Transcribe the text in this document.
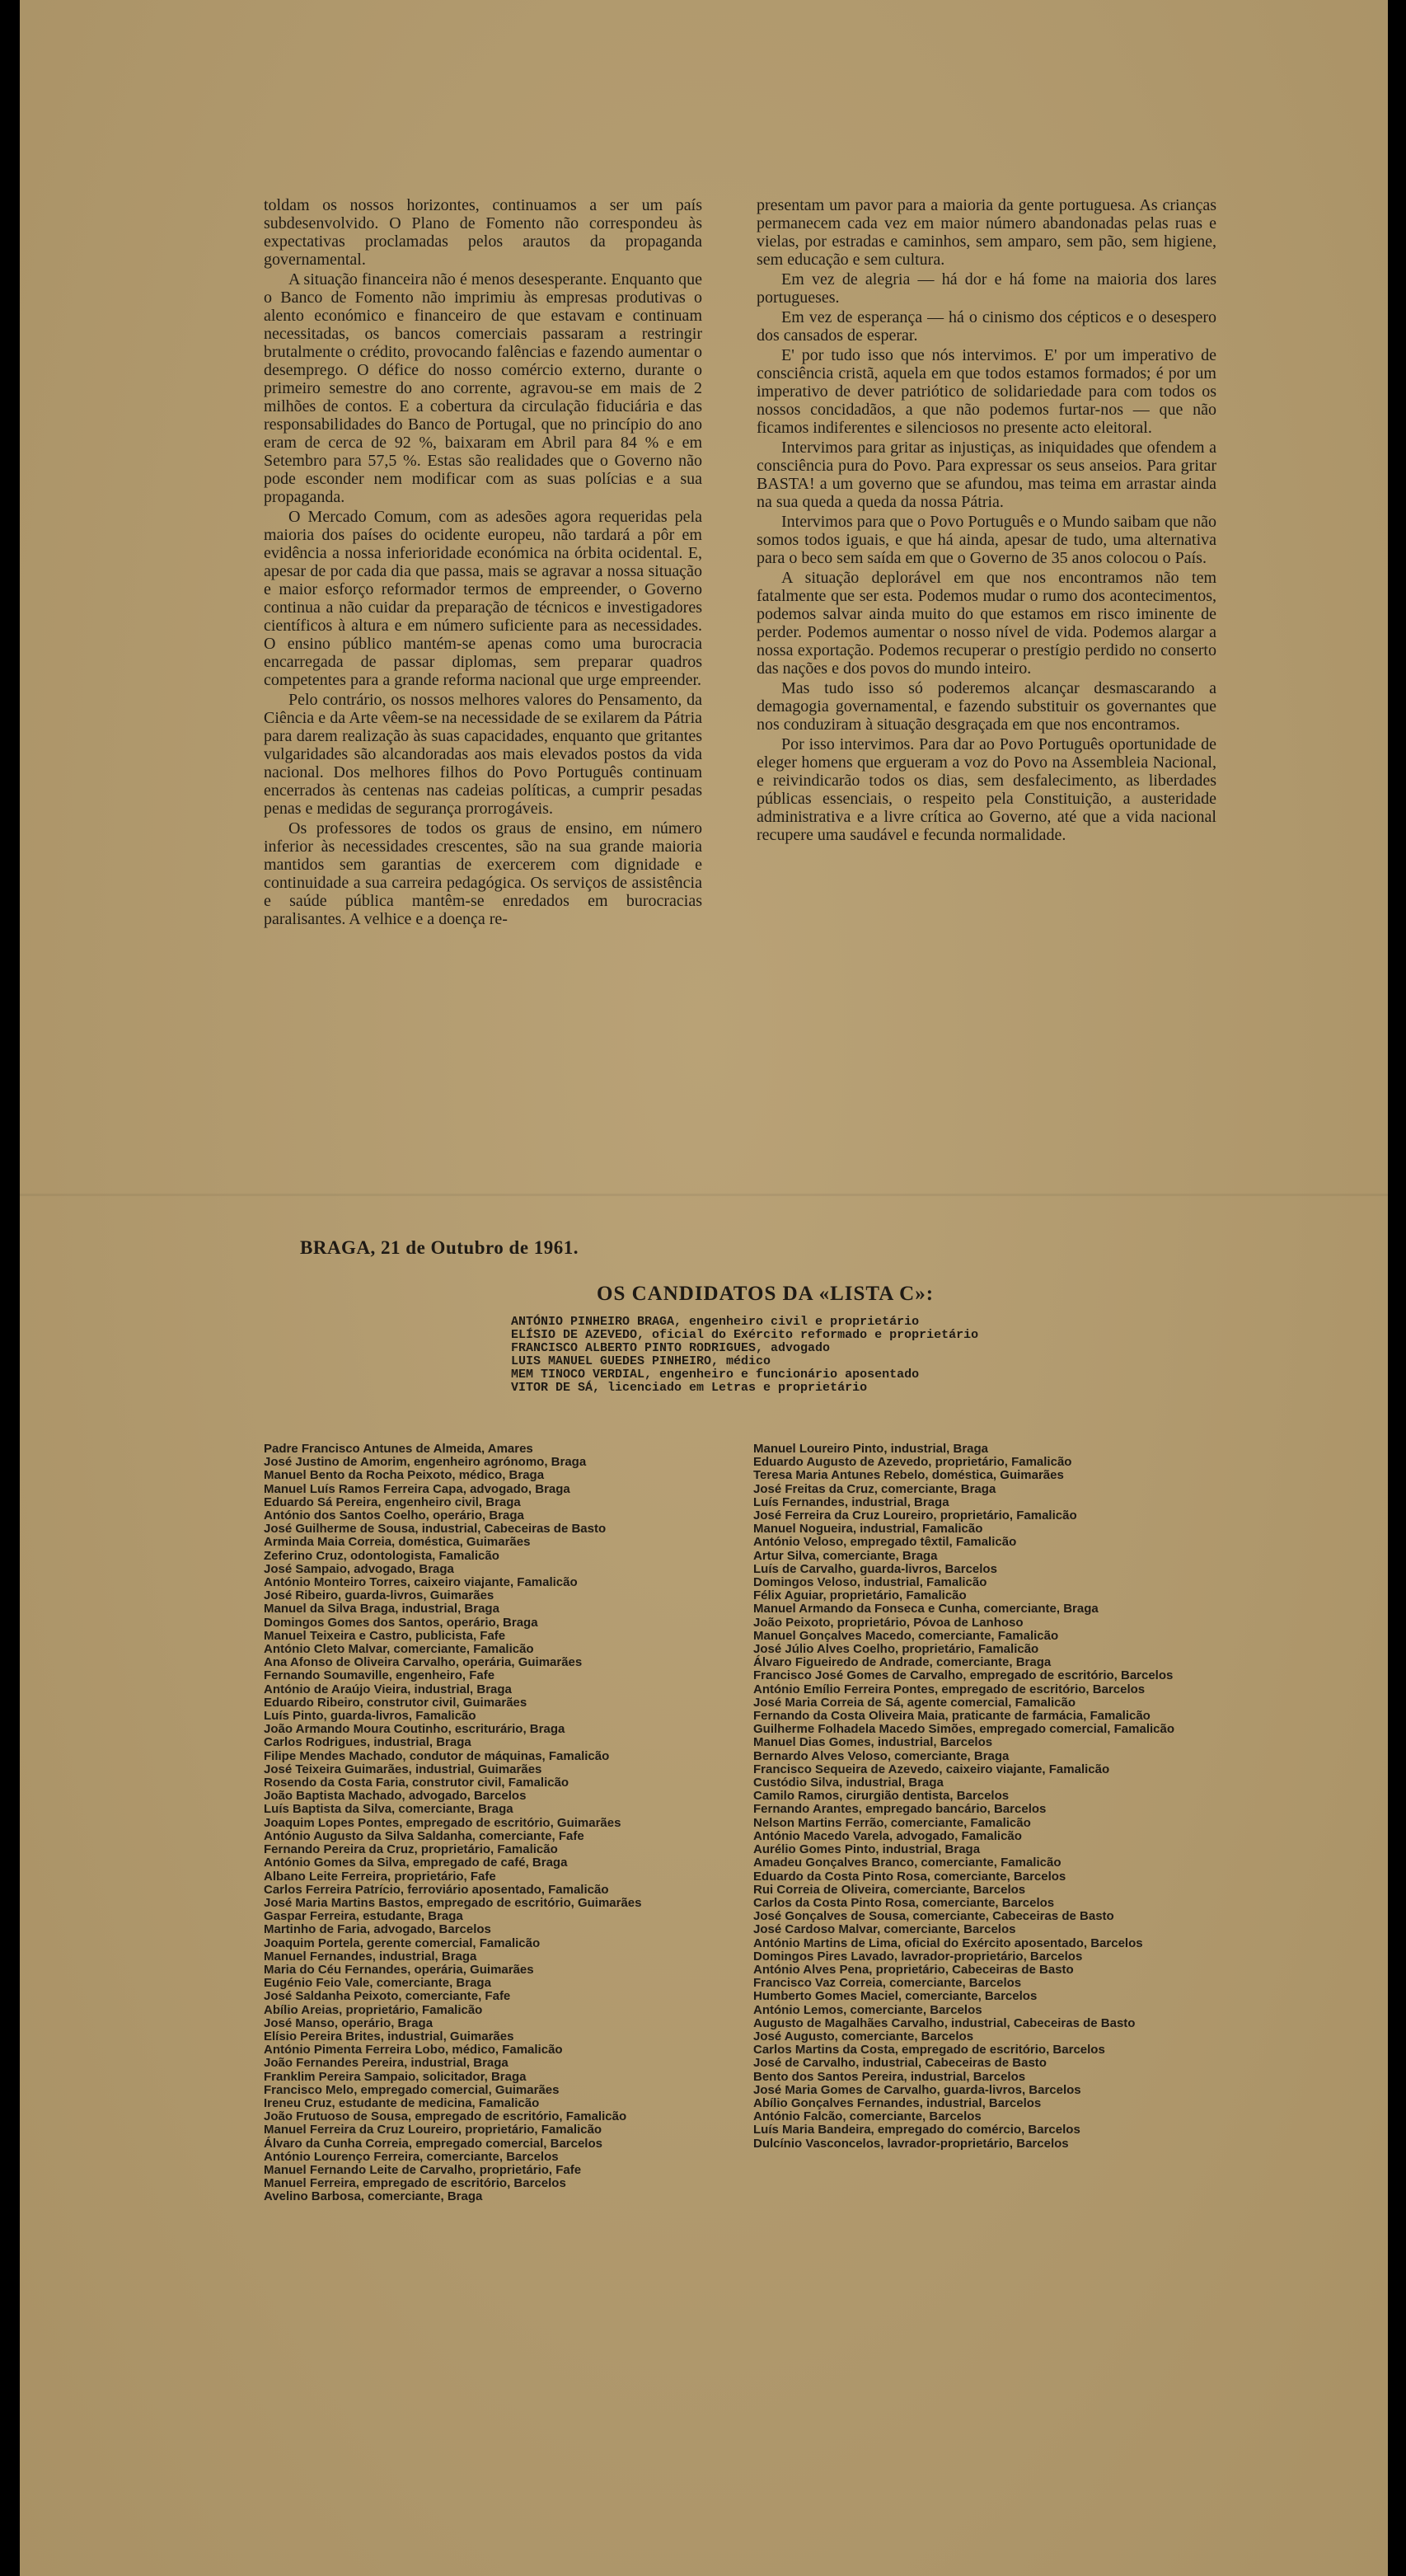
toldam os nossos horizontes, continuamos a ser um país subdesenvolvido. O Plano de Fomento não correspondeu às expectativas proclamadas pelos arautos da propaganda governamental.

A situação financeira não é menos desesperante. Enquanto que o Banco de Fomento não imprimiu às empresas produtivas o alento económico e financeiro de que estavam e continuam necessitadas, os bancos comerciais passaram a restringir brutalmente o crédito, provocando falências e fazendo aumentar o desemprego. O défice do nosso comércio externo, durante o primeiro semestre do ano corrente, agravou-se em mais de 2 milhões de contos. E a cobertura da circulação fiduciária e das responsabilidades do Banco de Portugal, que no princípio do ano eram de cerca de 92 %, baixaram em Abril para 84 % e em Setembro para 57,5 %. Estas são realidades que o Governo não pode esconder nem modificar com as suas polícias e a sua propaganda.

O Mercado Comum, com as adesões agora requeridas pela maioria dos países do ocidente europeu, não tardará a pôr em evidência a nossa inferioridade económica na órbita ocidental. E, apesar de por cada dia que passa, mais se agravar a nossa situação e maior esforço reformador termos de empreender, o Governo continua a não cuidar da preparação de técnicos e investigadores científicos à altura e em número suficiente para as necessidades. O ensino público mantém-se apenas como uma burocracia encarregada de passar diplomas, sem preparar quadros competentes para a grande reforma nacional que urge empreender.

Pelo contrário, os nossos melhores valores do Pensamento, da Ciência e da Arte vêem-se na necessidade de se exilarem da Pátria para darem realização às suas capacidades, enquanto que gritantes vulgaridades são alcandoradas aos mais elevados postos da vida nacional. Dos melhores filhos do Povo Português continuam encerrados às centenas nas cadeias políticas, a cumprir pesadas penas e medidas de segurança prorrogáveis.

Os professores de todos os graus de ensino, em número inferior às necessidades crescentes, são na sua grande maioria mantidos sem garantias de exercerem com dignidade e continuidade a sua carreira pedagógica. Os serviços de assistência e saúde pública mantêm-se enredados em burocracias paralisantes. A velhice e a doença re-

presentam um pavor para a maioria da gente portuguesa. As crianças permanecem cada vez em maior número abandonadas pelas ruas e vielas, por estradas e caminhos, sem amparo, sem pão, sem higiene, sem educação e sem cultura.

Em vez de alegria — há dor e há fome na maioria dos lares portugueses.

Em vez de esperança — há o cinismo dos cépticos e o desespero dos cansados de esperar.

E' por tudo isso que nós intervimos. E' por um imperativo de consciência cristã, aquela em que todos estamos formados; é por um imperativo de dever patriótico de solidariedade para com todos os nossos concidadãos, a que não podemos furtar-nos — que não ficamos indiferentes e silenciosos no presente acto eleitoral.

Intervimos para gritar as injustiças, as iniquidades que ofendem a consciência pura do Povo. Para expressar os seus anseios. Para gritar BASTA! a um governo que se afundou, mas teima em arrastar ainda na sua queda a queda da nossa Pátria.

Intervimos para que o Povo Português e o Mundo saibam que não somos todos iguais, e que há ainda, apesar de tudo, uma alternativa para o beco sem saída em que o Governo de 35 anos colocou o País.

A situação deplorável em que nos encontramos não tem fatalmente que ser esta. Podemos mudar o rumo dos acontecimentos, podemos salvar ainda muito do que estamos em risco iminente de perder. Podemos aumentar o nosso nível de vida. Podemos alargar a nossa exportação. Podemos recuperar o prestígio perdido no conserto das nações e dos povos do mundo inteiro.

Mas tudo isso só poderemos alcançar desmascarando a demagogia governamental, e fazendo substituir os governantes que nos conduziram à situação desgraçada em que nos encontramos.

Por isso intervimos. Para dar ao Povo Português oportunidade de eleger homens que ergueram a voz do Povo na Assembleia Nacional, e reivindicarão todos os dias, sem desfalecimento, as liberdades públicas essenciais, o respeito pela Constituição, a austeridade administrativa e a livre crítica ao Governo, até que a vida nacional recupere uma saudável e fecunda normalidade.

BRAGA, 21 de Outubro de 1961.
OS CANDIDATOS DA «LISTA C»:
ANTÓNIO PINHEIRO BRAGA, engenheiro civil e proprietário
ELÍSIO DE AZEVEDO, oficial do Exército reformado e proprietário
FRANCISCO ALBERTO PINTO RODRIGUES, advogado
LUIS MANUEL GUEDES PINHEIRO, médico
MEM TINOCO VERDIAL, engenheiro e funcionário aposentado
VITOR DE SÁ, licenciado em Letras e proprietário
Padre Francisco Antunes de Almeida, Amares
José Justino de Amorim, engenheiro agrónomo, Braga
Manuel Bento da Rocha Peixoto, médico, Braga
Manuel Luís Ramos Ferreira Capa, advogado, Braga
Eduardo Sá Pereira, engenheiro civil, Braga
António dos Santos Coelho, operário, Braga
José Guilherme de Sousa, industrial, Cabeceiras de Basto
Arminda Maia Correia, doméstica, Guimarães
Zeferino Cruz, odontologista, Famalicão
José Sampaio, advogado, Braga
António Monteiro Torres, caixeiro viajante, Famalicão
José Ribeiro, guarda-livros, Guimarães
Manuel da Silva Braga, industrial, Braga
Domingos Gomes dos Santos, operário, Braga
Manuel Teixeira e Castro, publicista, Fafe
António Cleto Malvar, comerciante, Famalicão
Ana Afonso de Oliveira Carvalho, operária, Guimarães
Fernando Soumaville, engenheiro, Fafe
António de Araújo Vieira, industrial, Braga
Eduardo Ribeiro, construtor civil, Guimarães
Luís Pinto, guarda-livros, Famalicão
João Armando Moura Coutinho, escriturário, Braga
Carlos Rodrigues, industrial, Braga
Filipe Mendes Machado, condutor de máquinas, Famalicão
José Teixeira Guimarães, industrial, Guimarães
Rosendo da Costa Faria, construtor civil, Famalicão
João Baptista Machado, advogado, Barcelos
Luís Baptista da Silva, comerciante, Braga
Joaquim Lopes Pontes, empregado de escritório, Guimarães
António Augusto da Silva Saldanha, comerciante, Fafe
Fernando Pereira da Cruz, proprietário, Famalicão
António Gomes da Silva, empregado de café, Braga
Albano Leite Ferreira, proprietário, Fafe
Carlos Ferreira Patrício, ferroviário aposentado, Famalicão
José Maria Martins Bastos, empregado de escritório, Guimarães
Gaspar Ferreira, estudante, Braga
Martinho de Faria, advogado, Barcelos
Joaquim Portela, gerente comercial, Famalicão
Manuel Fernandes, industrial, Braga
Maria do Céu Fernandes, operária, Guimarães
Eugénio Feio Vale, comerciante, Braga
José Saldanha Peixoto, comerciante, Fafe
Abílio Areias, proprietário, Famalicão
José Manso, operário, Braga
Elísio Pereira Brites, industrial, Guimarães
António Pimenta Ferreira Lobo, médico, Famalicão
João Fernandes Pereira, industrial, Braga
Franklim Pereira Sampaio, solicitador, Braga
Francisco Melo, empregado comercial, Guimarães
Ireneu Cruz, estudante de medicina, Famalicão
João Frutuoso de Sousa, empregado de escritório, Famalicão
Manuel Ferreira da Cruz Loureiro, proprietário, Famalicão
Álvaro da Cunha Correia, empregado comercial, Barcelos
António Lourenço Ferreira, comerciante, Barcelos
Manuel Fernando Leite de Carvalho, proprietário, Fafe
Manuel Ferreira, empregado de escritório, Barcelos
Avelino Barbosa, comerciante, Braga
Manuel Loureiro Pinto, industrial, Braga
Eduardo Augusto de Azevedo, proprietário, Famalicão
Teresa Maria Antunes Rebelo, doméstica, Guimarães
José Freitas da Cruz, comerciante, Braga
Luís Fernandes, industrial, Braga
José Ferreira da Cruz Loureiro, proprietário, Famalicão
Manuel Nogueira, industrial, Famalicão
António Veloso, empregado têxtil, Famalicão
Artur Silva, comerciante, Braga
Luís de Carvalho, guarda-livros, Barcelos
Domingos Veloso, industrial, Famalicão
Félix Aguiar, proprietário, Famalicão
Manuel Armando da Fonseca e Cunha, comerciante, Braga
João Peixoto, proprietário, Póvoa de Lanhoso
Manuel Gonçalves Macedo, comerciante, Famalicão
José Júlio Alves Coelho, proprietário, Famalicão
Álvaro Figueiredo de Andrade, comerciante, Braga
Francisco José Gomes de Carvalho, empregado de escritório, Barcelos
António Emílio Ferreira Pontes, empregado de escritório, Barcelos
José Maria Correia de Sá, agente comercial, Famalicão
Fernando da Costa Oliveira Maia, praticante de farmácia, Famalicão
Guilherme Folhadela Macedo Simões, empregado comercial, Famalicão
Manuel Dias Gomes, industrial, Barcelos
Bernardo Alves Veloso, comerciante, Braga
Francisco Sequeira de Azevedo, caixeiro viajante, Famalicão
Custódio Silva, industrial, Braga
Camilo Ramos, cirurgião dentista, Barcelos
Fernando Arantes, empregado bancário, Barcelos
Nelson Martins Ferrão, comerciante, Famalicão
António Macedo Varela, advogado, Famalicão
Aurélio Gomes Pinto, industrial, Braga
Amadeu Gonçalves Branco, comerciante, Famalicão
Eduardo da Costa Pinto Rosa, comerciante, Barcelos
Rui Correia de Oliveira, comerciante, Barcelos
Carlos da Costa Pinto Rosa, comerciante, Barcelos
José Gonçalves de Sousa, comerciante, Cabeceiras de Basto
José Cardoso Malvar, comerciante, Barcelos
António Martins de Lima, oficial do Exército aposentado, Barcelos
Domingos Pires Lavado, lavrador-proprietário, Barcelos
António Alves Pena, proprietário, Cabeceiras de Basto
Francisco Vaz Correia, comerciante, Barcelos
Humberto Gomes Maciel, comerciante, Barcelos
António Lemos, comerciante, Barcelos
Augusto de Magalhães Carvalho, industrial, Cabeceiras de Basto
José Augusto, comerciante, Barcelos
Carlos Martins da Costa, empregado de escritório, Barcelos
José de Carvalho, industrial, Cabeceiras de Basto
Bento dos Santos Pereira, industrial, Barcelos
José Maria Gomes de Carvalho, guarda-livros, Barcelos
Abílio Gonçalves Fernandes, industrial, Barcelos
António Falcão, comerciante, Barcelos
Luís Maria Bandeira, empregado do comércio, Barcelos
Dulcínio Vasconcelos, lavrador-proprietário, Barcelos
